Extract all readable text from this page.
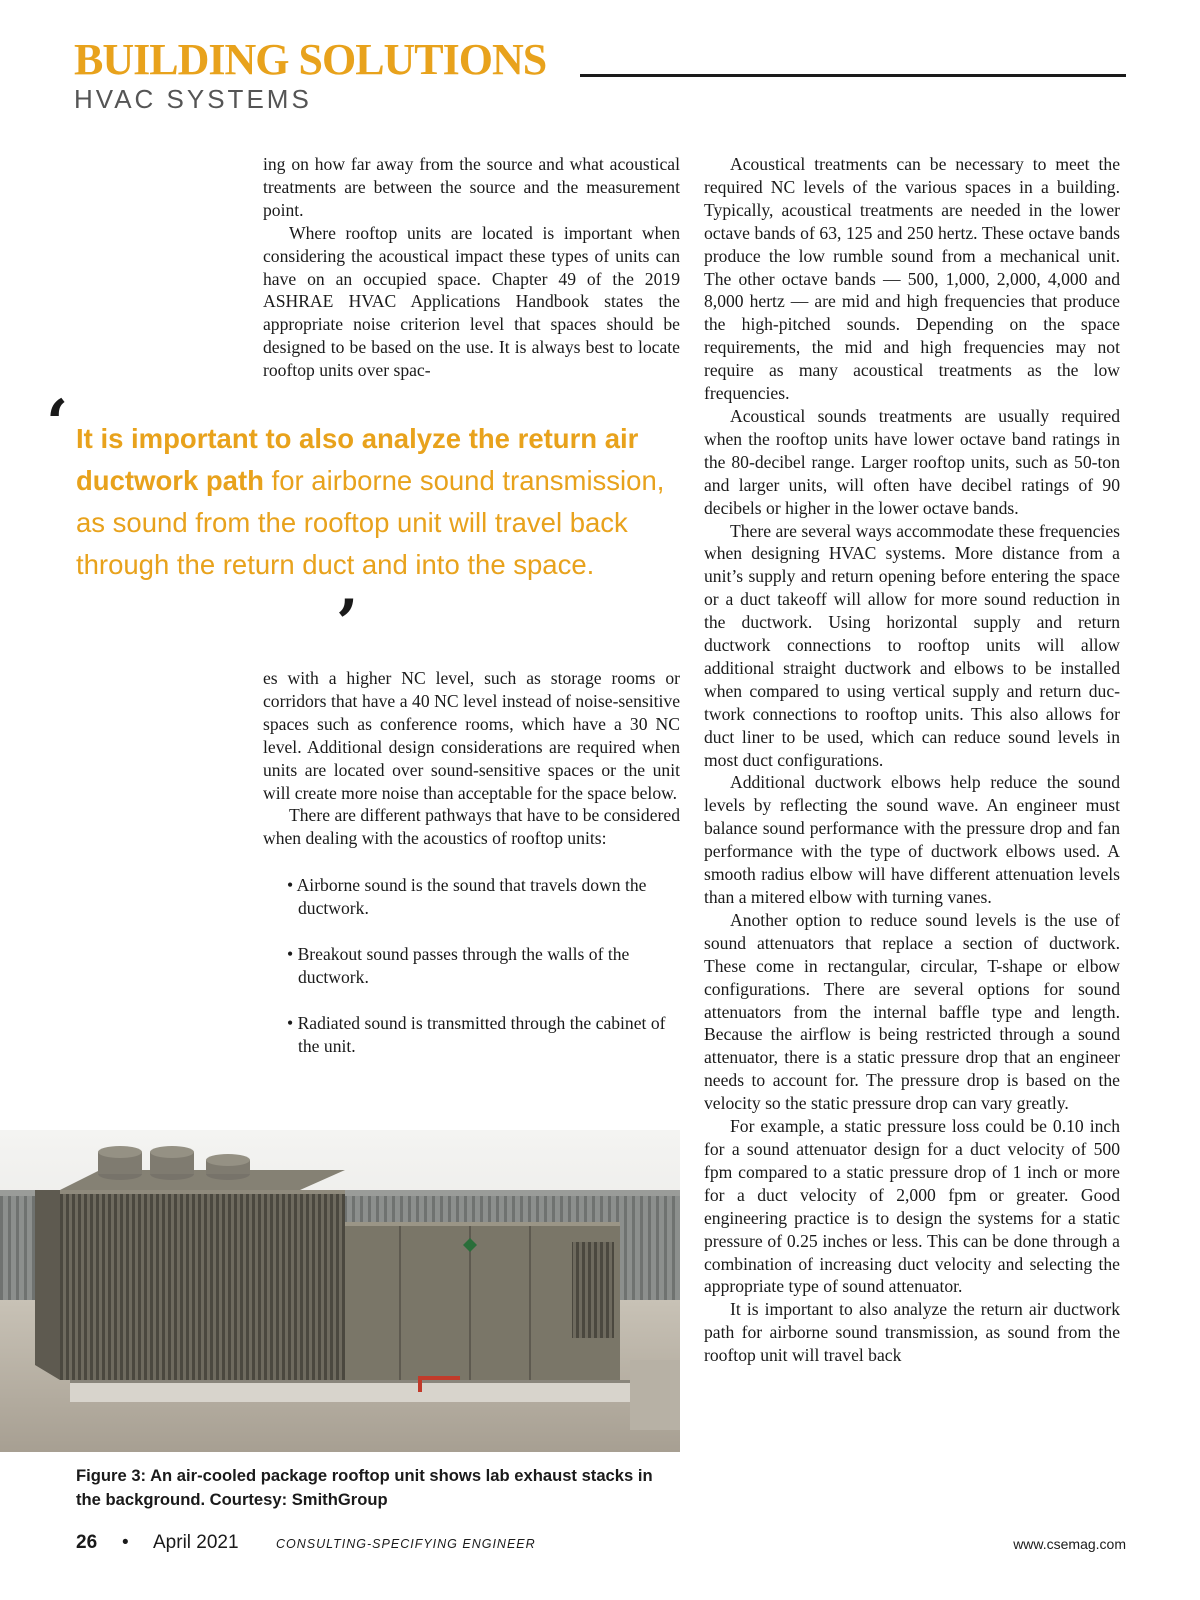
BUILDING SOLUTIONS
HVAC SYSTEMS

ing on how far away from the source and what acoustical treatments are between the source and the measurement point.

Where rooftop units are located is important when considering the acoustical impact these types of units can have on an occupied space. Chapter 49 of the 2019 ASHRAE HVAC Applications Handbook states the appropriate noise criterion level that spaces should be designed to be based on the use. It is always best to locate rooftop units over spac-

‘ It is important to also analyze the return air ductwork path for airborne sound transmission, as sound from the rooftop unit will travel back through the return duct and into the space.
’

es with a higher NC level, such as storage rooms or corridors that have a 40 NC level instead of noise-sensitive spaces such as conference rooms, which have a 30 NC level. Additional design considerations are required when units are located over sound-sensitive spaces or the unit will create more noise than acceptable for the space below.

There are different pathways that have to be considered when dealing with the acoustics of rooftop units:

• Airborne sound is the sound that travels down the ductwork.
• Breakout sound passes through the walls of the ductwork.
• Radiated sound is transmitted through the cabinet of the unit.

Acoustical treatments can be necessary to meet the required NC levels of the various spaces in a building. Typically, acoustical treatments are needed in the lower octave bands of 63, 125 and 250 hertz. These octave bands produce the low rumble sound from a mechanical unit. The other octave bands — 500, 1,000, 2,000, 4,000 and 8,000 hertz — are mid and high frequencies that produce the high-pitched sounds. Depending on the space requirements, the mid and high frequencies may not require as many acoustical treatments as the low frequencies.

Acoustical sounds treatments are usually required when the rooftop units have lower octave band ratings in the 80-decibel range. Larger rooftop units, such as 50-ton and larger units, will often have decibel ratings of 90 decibels or higher in the lower octave bands.

There are several ways accommodate these frequencies when designing HVAC systems. More distance from a unit’s supply and return opening before entering the space or a duct takeoff will allow for more sound reduction in the ductwork. Using horizontal supply and return ductwork connections to rooftop units will allow additional straight ductwork and elbows to be installed when compared to using vertical supply and return ductwork connections to rooftop units. This also allows for duct liner to be used, which can reduce sound levels in most duct configurations.

Additional ductwork elbows help reduce the sound levels by reflecting the sound wave. An engineer must balance sound performance with the pressure drop and fan performance with the type of ductwork elbows used. A smooth radius elbow will have different attenuation levels than a mitered elbow with turning vanes.

Another option to reduce sound levels is the use of sound attenuators that replace a section of ductwork. These come in rectangular, circular, T-shape or elbow configurations. There are several options for sound attenuators from the internal baffle type and length. Because the airflow is being restricted through a sound attenuator, there is a static pressure drop that an engineer needs to account for. The pressure drop is based on the velocity so the static pressure drop can vary greatly.

For example, a static pressure loss could be 0.10 inch for a sound attenuator design for a duct velocity of 500 fpm compared to a static pressure drop of 1 inch or more for a duct velocity of 2,000 fpm or greater. Good engineering practice is to design the systems for a static pressure of 0.25 inches or less. This can be done through a combination of increasing duct velocity and selecting the appropriate type of sound attenuator.

It is important to also analyze the return air ductwork path for airborne sound transmission, as sound from the rooftop unit will travel back

Figure 3: An air-cooled package rooftop unit shows lab exhaust stacks in the background. Courtesy: SmithGroup
26 • April 2021	CONSULTING-SPECIFYING ENGINEER	www.csemag.com
